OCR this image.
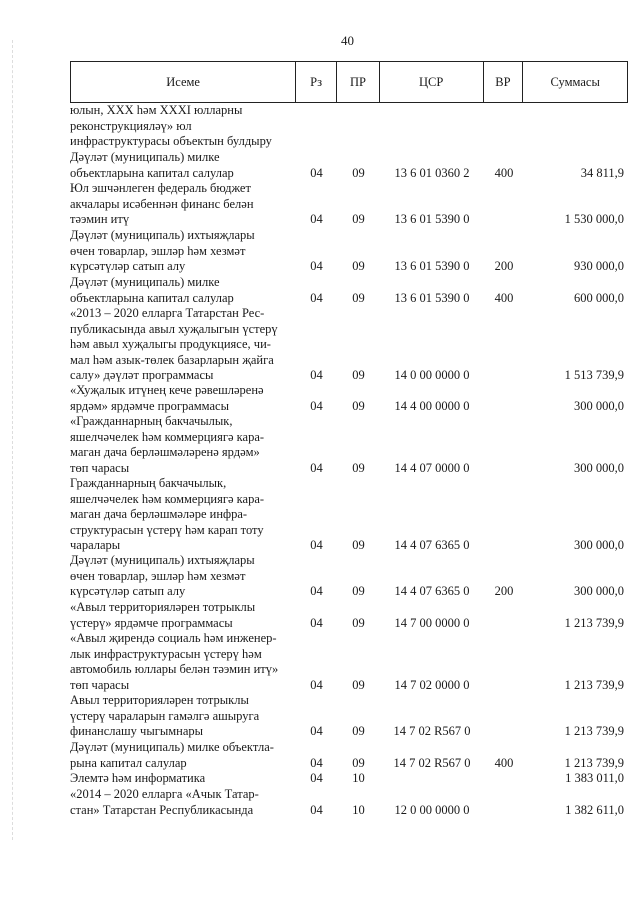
40
Исеме	Рз	ПР	ЦСР	ВР	Суммасы
юлын, XXX һәм XXXI юлларны
реконструкцияләү» юл
инфраструктурасы объектын булдыру
Дәүләт (муниципаль) милке
объектларына капитал салулар	04	09	13 6 01 0360 2	400	34 811,9
Юл эшчәнлеген федераль бюджет
акчалары исәбеннән финанс белән
тәэмин итү	04	09	13 6 01 5390 0	1 530 000,0
Дәүләт (муниципаль) ихтыяҗлары
өчен товарлар, эшләр һәм хезмәт
күрсәтүләр сатып алу	04	09	13 6 01 5390 0	200	930 000,0
Дәүләт (муниципаль) милке
объектларына капитал салулар	04	09	13 6 01 5390 0	400	600 000,0
«2013 – 2020 елларга Татарстан Рес-
публикасында авыл хуҗалыгын үстерү
һәм авыл хуҗалыгы продукциясе, чи-
мал һәм азык-төлек базарларын җайга
салу» дәүләт программасы	04	09	14 0 00 0000 0	1 513 739,9
«Хуҗалык итүнең кече рәвешләренә
ярдәм» ярдәмче программасы	04	09	14 4 00 0000 0	300 000,0
«Гражданнарның бакчачылык,
яшелчәчелек һәм коммерциягә кара-
маган дача берләшмәләренә ярдәм»
төп чарасы	04	09	14 4 07 0000 0	300 000,0
Гражданнарның бакчачылык,
яшелчәчелек һәм коммерциягә кара-
маган дача берләшмәләре инфра-
структурасын үстерү һәм карап тоту
чаралары	04	09	14 4 07 6365 0	300 000,0
Дәүләт (муниципаль) ихтыяҗлары
өчен товарлар, эшләр һәм хезмәт
күрсәтүләр сатып алу	04	09	14 4 07 6365 0	200	300 000,0
«Авыл территорияләрен тотрыклы
үстерү» ярдәмче программасы	04	09	14 7 00 0000 0	1 213 739,9
«Авыл җирендә социаль һәм инженер-
лык инфраструктурасын үстерү һәм
автомобиль юллары белән тәэмин итү»
төп чарасы	04	09	14 7 02 0000 0	1 213 739,9
Авыл территорияләрен тотрыклы
үстерү чараларын гамәлгә ашыруга
финанслашу чыгымнары	04	09	14 7 02 R567 0	1 213 739,9
Дәүләт (муниципаль) милке объектла-
рына капитал салулар	04	09	14 7 02 R567 0	400	1 213 739,9
Элемтә һәм информатика	04	10	1 383 011,0
«2014 – 2020 елларга «Ачык Татар-
стан» Татарстан Республикасында	04	10	12 0 00 0000 0	1 382 611,0
